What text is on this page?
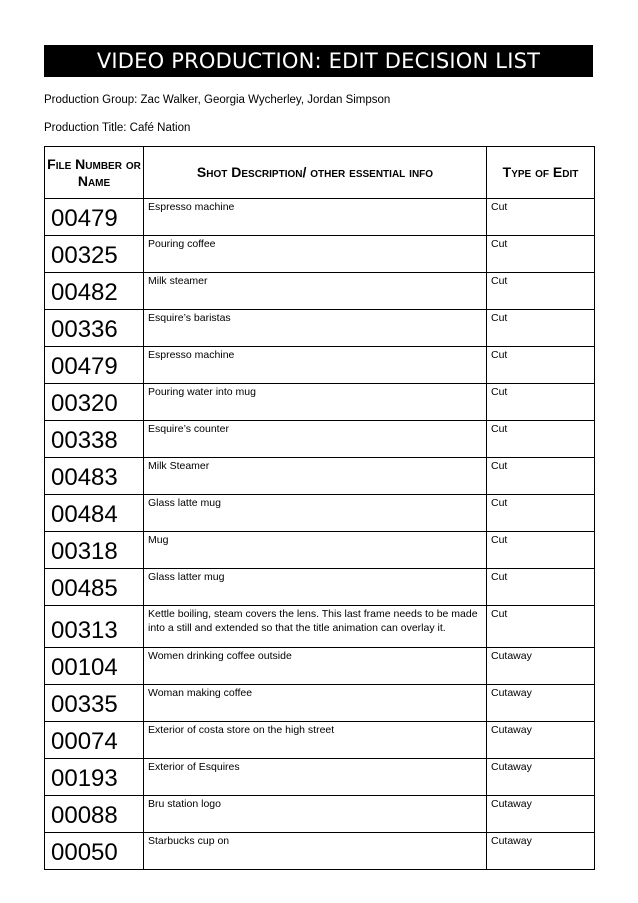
VIDEO PRODUCTION: EDIT DECISION LIST
Production Group: Zac Walker, Georgia Wycherley, Jordan Simpson
Production Title: Café Nation
File Number or Name	Shot Description/ other essential info	Type of Edit

00479	Espresso machine	Cut

00325	Pouring coffee	Cut

00482	Milk steamer	Cut

00336	Esquire’s baristas	Cut

00479	Espresso machine	Cut

00320	Pouring water into mug	Cut

00338	Esquire’s counter	Cut

00483	Milk Steamer	Cut

00484	Glass latte mug	Cut

00318	Mug	Cut

00485	Glass latter mug	Cut

00313	Kettle boiling, steam covers the lens. This last frame needs to be made into a still and extended so that the title animation can overlay it.	Cut

00104	Women drinking coffee outside	Cutaway

00335	Woman making coffee	Cutaway

00074	Exterior of costa store on the high street	Cutaway

00193	Exterior of Esquires	Cutaway

00088	Bru station logo	Cutaway

00050	Starbucks cup on	Cutaway
